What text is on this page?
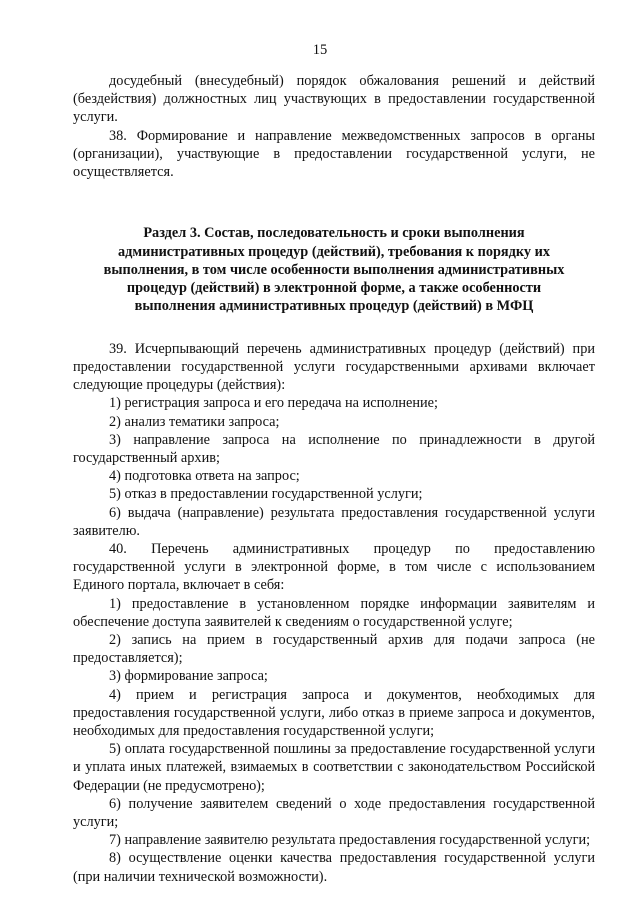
15

досудебный (внесудебный) порядок обжалования решений и действий (бездействия) должностных лиц участвующих в предоставлении государственной услуги.

38. Формирование и направление межведомственных запросов в органы (организации), участвующие в предоставлении государственной услуги, не осуществляется.

Раздел 3. Состав, последовательность и сроки выполнения
административных процедур (действий), требования к порядку их
выполнения, в том числе особенности выполнения административных
процедур (действий) в электронной форме, а также особенности
выполнения административных процедур (действий) в МФЦ

39. Исчерпывающий перечень административных процедур (действий) при предоставлении государственной услуги государственными архивами включает следующие процедуры (действия):

1) регистрация запроса и его передача на исполнение;

2) анализ тематики запроса;

3) направление запроса на исполнение по принадлежности в другой государственный архив;

4) подготовка ответа на запрос;

5) отказ в предоставлении государственной услуги;

6) выдача (направление) результата предоставления государственной услуги заявителю.

40. Перечень административных процедур по предоставлению государственной услуги в электронной форме, в том числе с использованием Единого портала, включает в себя:

1) предоставление в установленном порядке информации заявителям и обеспечение доступа заявителей к сведениям о государственной услуге;

2) запись на прием в государственный архив для подачи запроса (не предоставляется);

3) формирование запроса;

4) прием и регистрация запроса и документов, необходимых для предоставления государственной услуги, либо отказ в приеме запроса и документов, необходимых для предоставления государственной услуги;

5) оплата государственной пошлины за предоставление государственной услуги и уплата иных платежей, взимаемых в соответствии с законодательством Российской Федерации (не предусмотрено);

6) получение заявителем сведений о ходе предоставления государственной услуги;

7) направление заявителю результата предоставления государственной услуги;

8) осуществление оценки качества предоставления государственной услуги (при наличии технической возможности).
